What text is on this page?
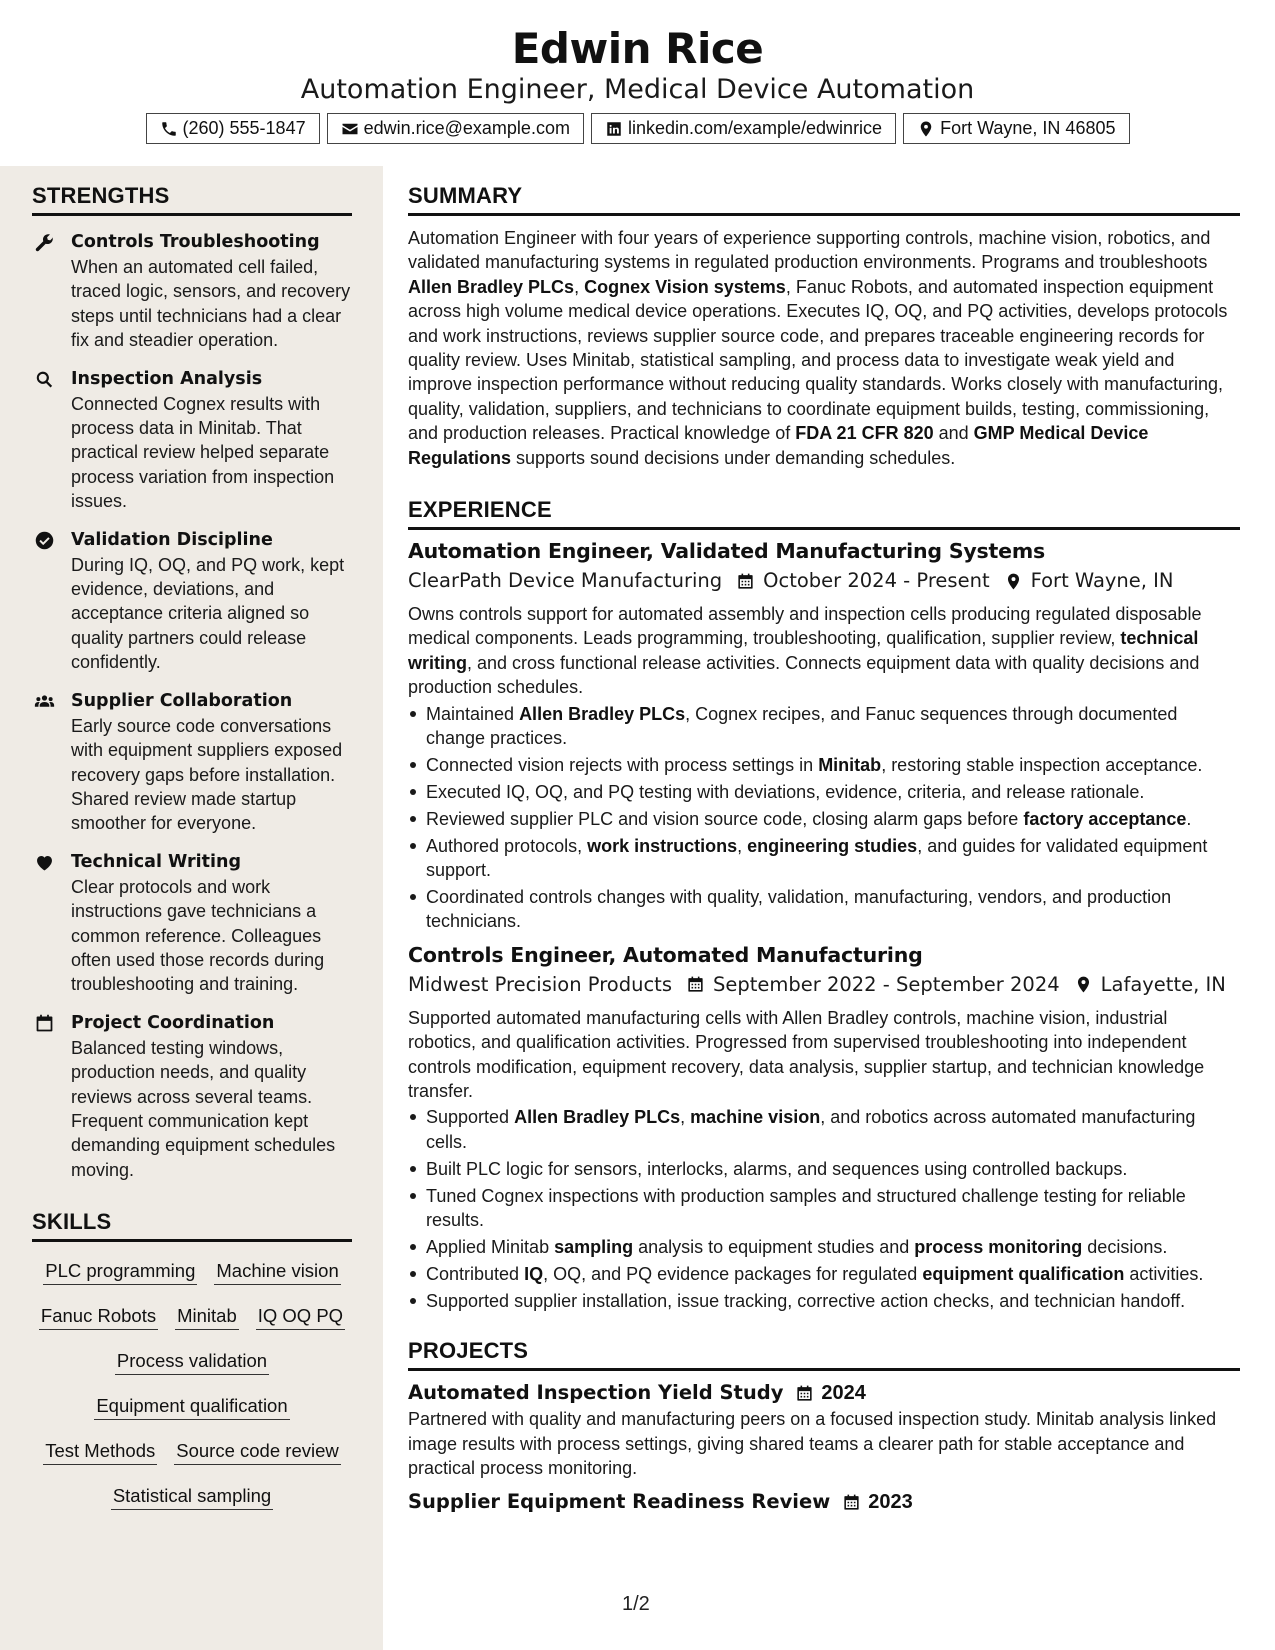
Edwin Rice
Automation Engineer, Medical Device Automation
(260) 555-1847	edwin.rice@example.com	linkedin.com/example/edwinrice	Fort Wayne, IN 46805
STRENGTHS
Controls Troubleshooting
When an automated cell failed, traced logic, sensors, and recovery steps until technicians had a clear fix and steadier operation.
Inspection Analysis
Connected Cognex results with process data in Minitab. That practical review helped separate process variation from inspection issues.
Validation Discipline
During IQ, OQ, and PQ work, kept evidence, deviations, and acceptance criteria aligned so quality partners could release confidently.
Supplier Collaboration
Early source code conversations with equipment suppliers exposed recovery gaps before installation. Shared review made startup smoother for everyone.
Technical Writing
Clear protocols and work instructions gave technicians a common reference. Colleagues often used those records during troubleshooting and training.
Project Coordination
Balanced testing windows, production needs, and quality reviews across several teams. Frequent communication kept demanding equipment schedules moving.
SKILLS
PLC programming Machine vision
Fanuc Robots Minitab IQ OQ PQ
Process validation
Equipment qualification
Test Methods Source code review
Statistical sampling
SUMMARY
Automation Engineer with four years of experience supporting controls, machine vision, robotics, and validated manufacturing systems in regulated production environments. Programs and troubleshoots Allen Bradley PLCs, Cognex Vision systems, Fanuc Robots, and automated inspection equipment across high volume medical device operations. Executes IQ, OQ, and PQ activities, develops protocols and work instructions, reviews supplier source code, and prepares traceable engineering records for quality review. Uses Minitab, statistical sampling, and process data to investigate weak yield and improve inspection performance without reducing quality standards. Works closely with manufacturing, quality, validation, suppliers, and technicians to coordinate equipment builds, testing, commissioning, and production releases. Practical knowledge of FDA 21 CFR 820 and GMP Medical Device Regulations supports sound decisions under demanding schedules.
EXPERIENCE
Automation Engineer, Validated Manufacturing Systems
ClearPath Device Manufacturing October 2024 - Present Fort Wayne, IN
Owns controls support for automated assembly and inspection cells producing regulated disposable medical components. Leads programming, troubleshooting, qualification, supplier review, technical writing, and cross functional release activities. Connects equipment data with quality decisions and production schedules.
Maintained Allen Bradley PLCs, Cognex recipes, and Fanuc sequences through documented change practices.
Connected vision rejects with process settings in Minitab, restoring stable inspection acceptance.
Executed IQ, OQ, and PQ testing with deviations, evidence, criteria, and release rationale.
Reviewed supplier PLC and vision source code, closing alarm gaps before factory acceptance.
Authored protocols, work instructions, engineering studies, and guides for validated equipment support.
Coordinated controls changes with quality, validation, manufacturing, vendors, and production technicians.
Controls Engineer, Automated Manufacturing
Midwest Precision Products September 2022 - September 2024 Lafayette, IN
Supported automated manufacturing cells with Allen Bradley controls, machine vision, industrial robotics, and qualification activities. Progressed from supervised troubleshooting into independent controls modification, equipment recovery, data analysis, supplier startup, and technician knowledge transfer.
Supported Allen Bradley PLCs, machine vision, and robotics across automated manufacturing cells.
Built PLC logic for sensors, interlocks, alarms, and sequences using controlled backups.
Tuned Cognex inspections with production samples and structured challenge testing for reliable results.
Applied Minitab sampling analysis to equipment studies and process monitoring decisions.
Contributed IQ, OQ, and PQ evidence packages for regulated equipment qualification activities.
Supported supplier installation, issue tracking, corrective action checks, and technician handoff.
PROJECTS
Automated Inspection Yield Study 2024
Partnered with quality and manufacturing peers on a focused inspection study. Minitab analysis linked image results with process settings, giving shared teams a clearer path for stable acceptance and practical process monitoring.
Supplier Equipment Readiness Review 2023
1/2
